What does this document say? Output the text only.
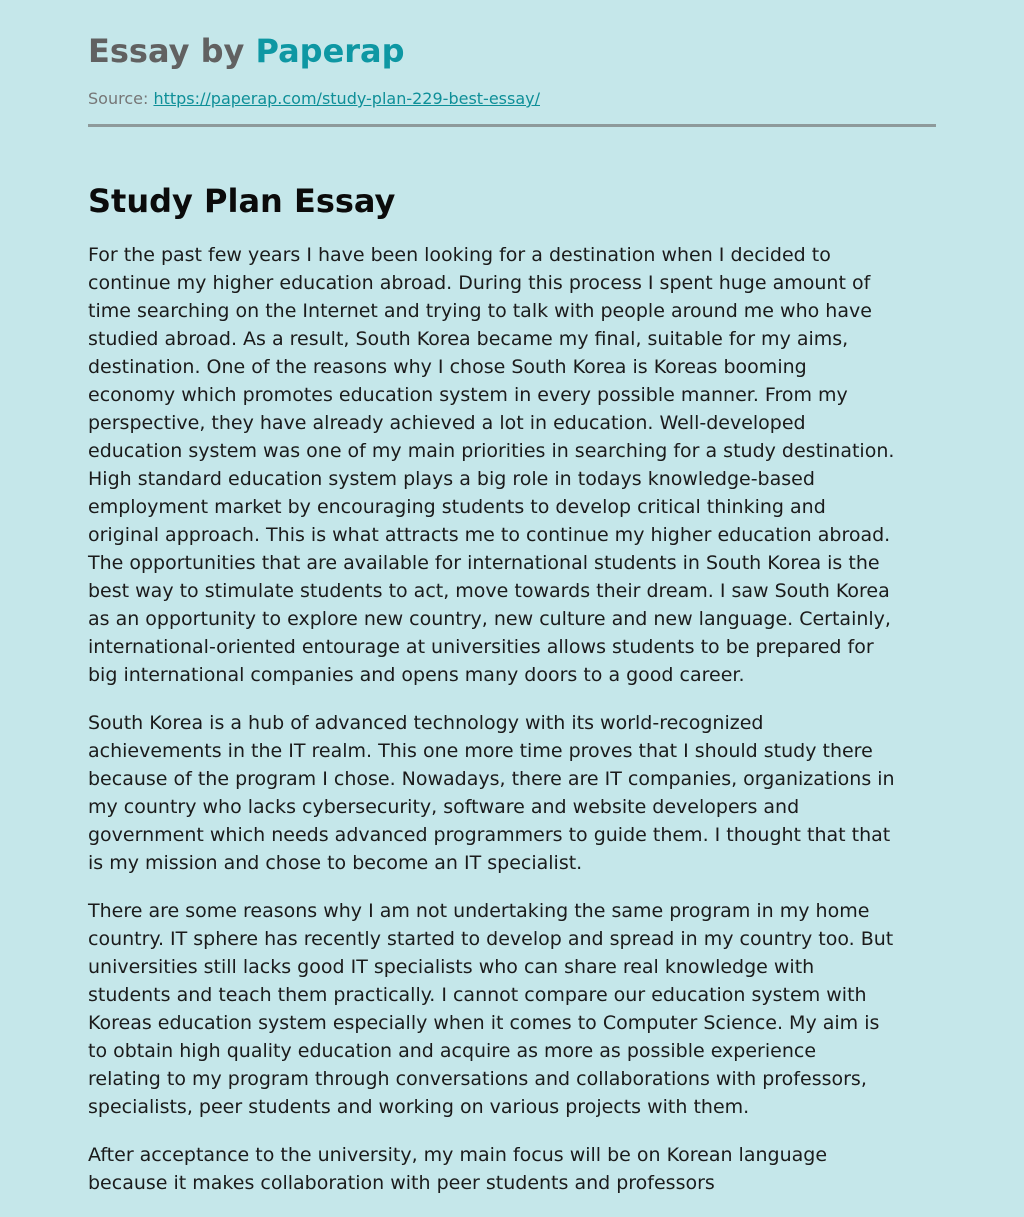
Essay by Paperap

Source: https://paperap.com/study-plan-229-best-essay/

Study Plan Essay

For the past few years I have been looking for a destination when I decided to
continue my higher education abroad. During this process I spent huge amount of
time searching on the Internet and trying to talk with people around me who have
studied abroad. As a result, South Korea became my final, suitable for my aims,
destination. One of the reasons why I chose South Korea is Koreas booming
economy which promotes education system in every possible manner. From my
perspective, they have already achieved a lot in education. Well-developed
education system was one of my main priorities in searching for a study destination.
High standard education system plays a big role in todays knowledge-based
employment market by encouraging students to develop critical thinking and
original approach. This is what attracts me to continue my higher education abroad.
The opportunities that are available for international students in South Korea is the
best way to stimulate students to act, move towards their dream. I saw South Korea
as an opportunity to explore new country, new culture and new language. Certainly,
international-oriented entourage at universities allows students to be prepared for
big international companies and opens many doors to a good career.

South Korea is a hub of advanced technology with its world-recognized
achievements in the IT realm. This one more time proves that I should study there
because of the program I chose. Nowadays, there are IT companies, organizations in
my country who lacks cybersecurity, software and website developers and
government which needs advanced programmers to guide them. I thought that that
is my mission and chose to become an IT specialist.

There are some reasons why I am not undertaking the same program in my home
country. IT sphere has recently started to develop and spread in my country too. But
universities still lacks good IT specialists who can share real knowledge with
students and teach them practically. I cannot compare our education system with
Koreas education system especially when it comes to Computer Science. My aim is
to obtain high quality education and acquire as more as possible experience
relating to my program through conversations and collaborations with professors,
specialists, peer students and working on various projects with them.

After acceptance to the university, my main focus will be on Korean language
because it makes collaboration with peer students and professors
